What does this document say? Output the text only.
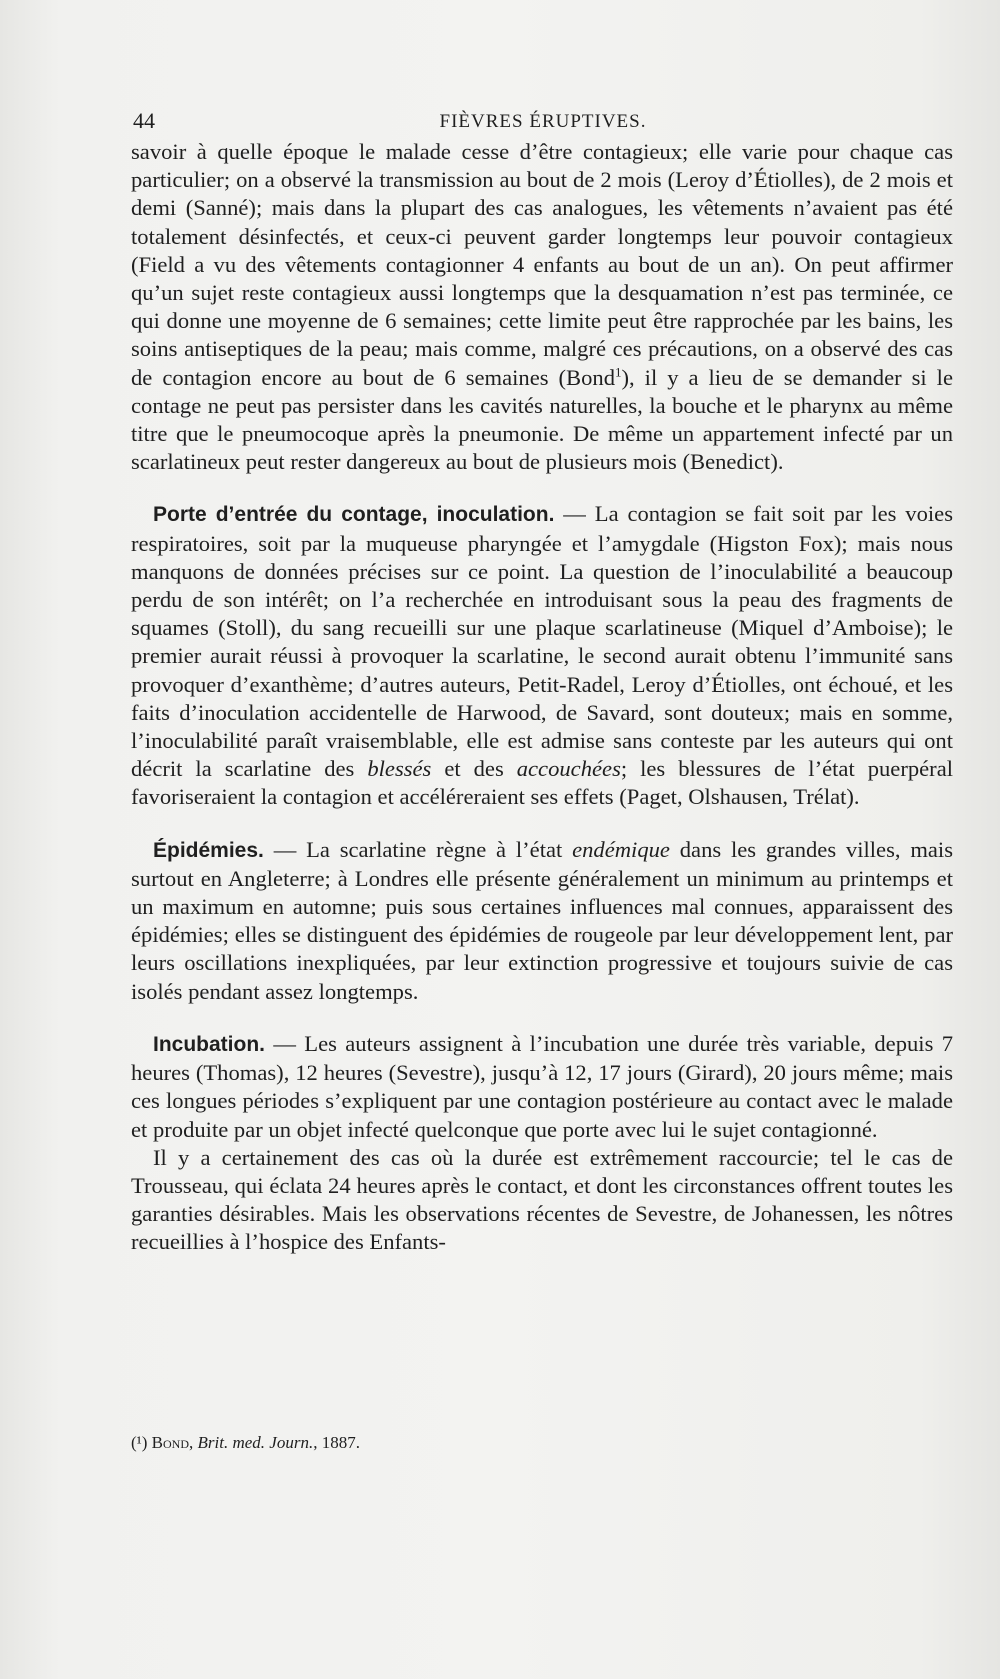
44	FIÈVRES ÉRUPTIVES.

savoir à quelle époque le malade cesse d’être contagieux; elle varie pour chaque cas particulier; on a observé la transmission au bout de 2 mois (Leroy d’Étiolles), de 2 mois et demi (Sanné); mais dans la plupart des cas analogues, les vêtements n’avaient pas été totalement désinfectés, et ceux-ci peuvent garder longtemps leur pouvoir contagieux (Field a vu des vêtements contagionner 4 enfants au bout de un an). On peut affirmer qu’un sujet reste contagieux aussi longtemps que la desquamation n’est pas terminée, ce qui donne une moyenne de 6 semaines; cette limite peut être rapprochée par les bains, les soins antiseptiques de la peau; mais comme, malgré ces précautions, on a observé des cas de contagion encore au bout de 6 semaines (Bond$^1$), il y a lieu de se demander si le contage ne peut pas persister dans les cavités naturelles, la bouche et le pharynx au même titre que le pneumocoque après la pneumonie. De même un appartement infecté par un scarlatineux peut rester dangereux au bout de plusieurs mois (Benedict).

Porte d’entrée du contage, inoculation. — La contagion se fait soit par les voies respiratoires, soit par la muqueuse pharyngée et l’amygdale (Higston Fox); mais nous manquons de données précises sur ce point. La question de l’inoculabilité a beaucoup perdu de son intérêt; on l’a recherchée en introduisant sous la peau des fragments de squames (Stoll), du sang recueilli sur une plaque scarlatineuse (Miquel d’Amboise); le premier aurait réussi à provoquer la scarlatine, le second aurait obtenu l’immunité sans provoquer d’exanthème; d’autres auteurs, Petit-Radel, Leroy d’Étiolles, ont échoué, et les faits d’inoculation accidentelle de Harwood, de Savard, sont douteux; mais en somme, l’inoculabilité paraît vraisemblable, elle est admise sans conteste par les auteurs qui ont décrit la scarlatine des blessés et des accouchées; les blessures de l’état puerpéral favoriseraient la contagion et accéléreraient ses effets (Paget, Olshausen, Trélat).

Épidémies. — La scarlatine règne à l’état endémique dans les grandes villes, mais surtout en Angleterre; à Londres elle présente généralement un minimum au printemps et un maximum en automne; puis sous certaines influences mal connues, apparaissent des épidémies; elles se distinguent des épidémies de rougeole par leur développement lent, par leurs oscillations inexpliquées, par leur extinction progressive et toujours suivie de cas isolés pendant assez longtemps.

Incubation. — Les auteurs assignent à l’incubation une durée très variable, depuis 7 heures (Thomas), 12 heures (Sevestre), jusqu’à 12, 17 jours (Girard), 20 jours même; mais ces longues périodes s’expliquent par une contagion postérieure au contact avec le malade et produite par un objet infecté quelconque que porte avec lui le sujet contagionné.

Il y a certainement des cas où la durée est extrêmement raccourcie; tel le cas de Trousseau, qui éclata 24 heures après le contact, et dont les circonstances offrent toutes les garanties désirables. Mais les observations récentes de Sevestre, de Johanessen, les nôtres recueillies à l’hospice des Enfants-

(¹) Bond, Brit. med. Journ., 1887.
